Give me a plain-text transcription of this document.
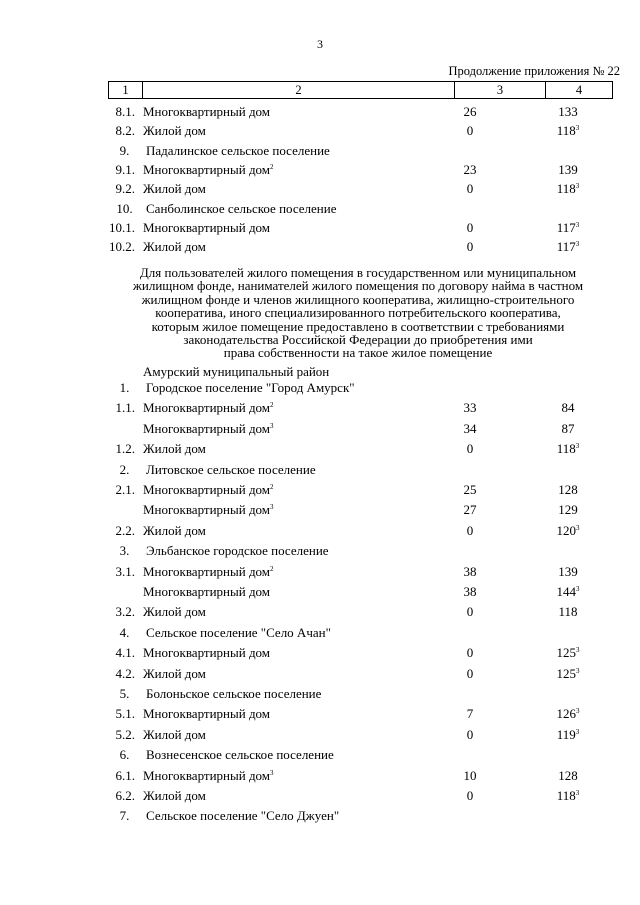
3
Продолжение приложения № 22
1	2	3	4
8.1. Многоквартирный дом	26	133
8.2. Жилой дом	0	$118^3$
9.	Падалинское сельское поселение
9.1. Многоквартирный дом$^2$	23	139
9.2. Жилой дом	0	$118^3$
10.	Санболинское сельское поселение
10.1. Многоквартирный дом	0	$117^3$
10.2. Жилой дом	0	$117^3$
Для пользователей жилого помещения в государственном или муниципальном
жилищном фонде, нанимателей жилого помещения по договору найма в частном
жилищном фонде и членов жилищного кооператива, жилищно-строительного
кооператива, иного специализированного потребительского кооператива,
которым жилое помещение предоставлено в соответствии с требованиями
законодательства Российской Федерации до приобретения ими
права собственности на такое жилое помещение
Амурский муниципальный район
1.	Городское поселение "Город Амурск"
1.1. Многоквартирный дом$^2$	33	84
Многоквартирный дом$^3$	34	87
1.2. Жилой дом	0	$118^3$
2.	Литовское сельское поселение
2.1. Многоквартирный дом$^2$	25	128
Многоквартирный дом$^3$	27	129
2.2. Жилой дом	0	$120^3$
3.	Эльбанское городское поселение
3.1. Многоквартирный дом$^2$	38	139
Многоквартирный дом	38	$144^3$
3.2. Жилой дом	0	118
4.	Сельское поселение "Село Ачан"
4.1. Многоквартирный дом	0	$125^3$
4.2. Жилой дом	0	$125^3$
5.	Болоньское сельское поселение
5.1. Многоквартирный дом	7	$126^3$
5.2. Жилой дом	0	$119^3$
6.	Вознесенское сельское поселение
6.1. Многоквартирный дом$^3$	10	128
6.2. Жилой дом	0	$118^3$
7.	Сельское поселение "Село Джуен"
